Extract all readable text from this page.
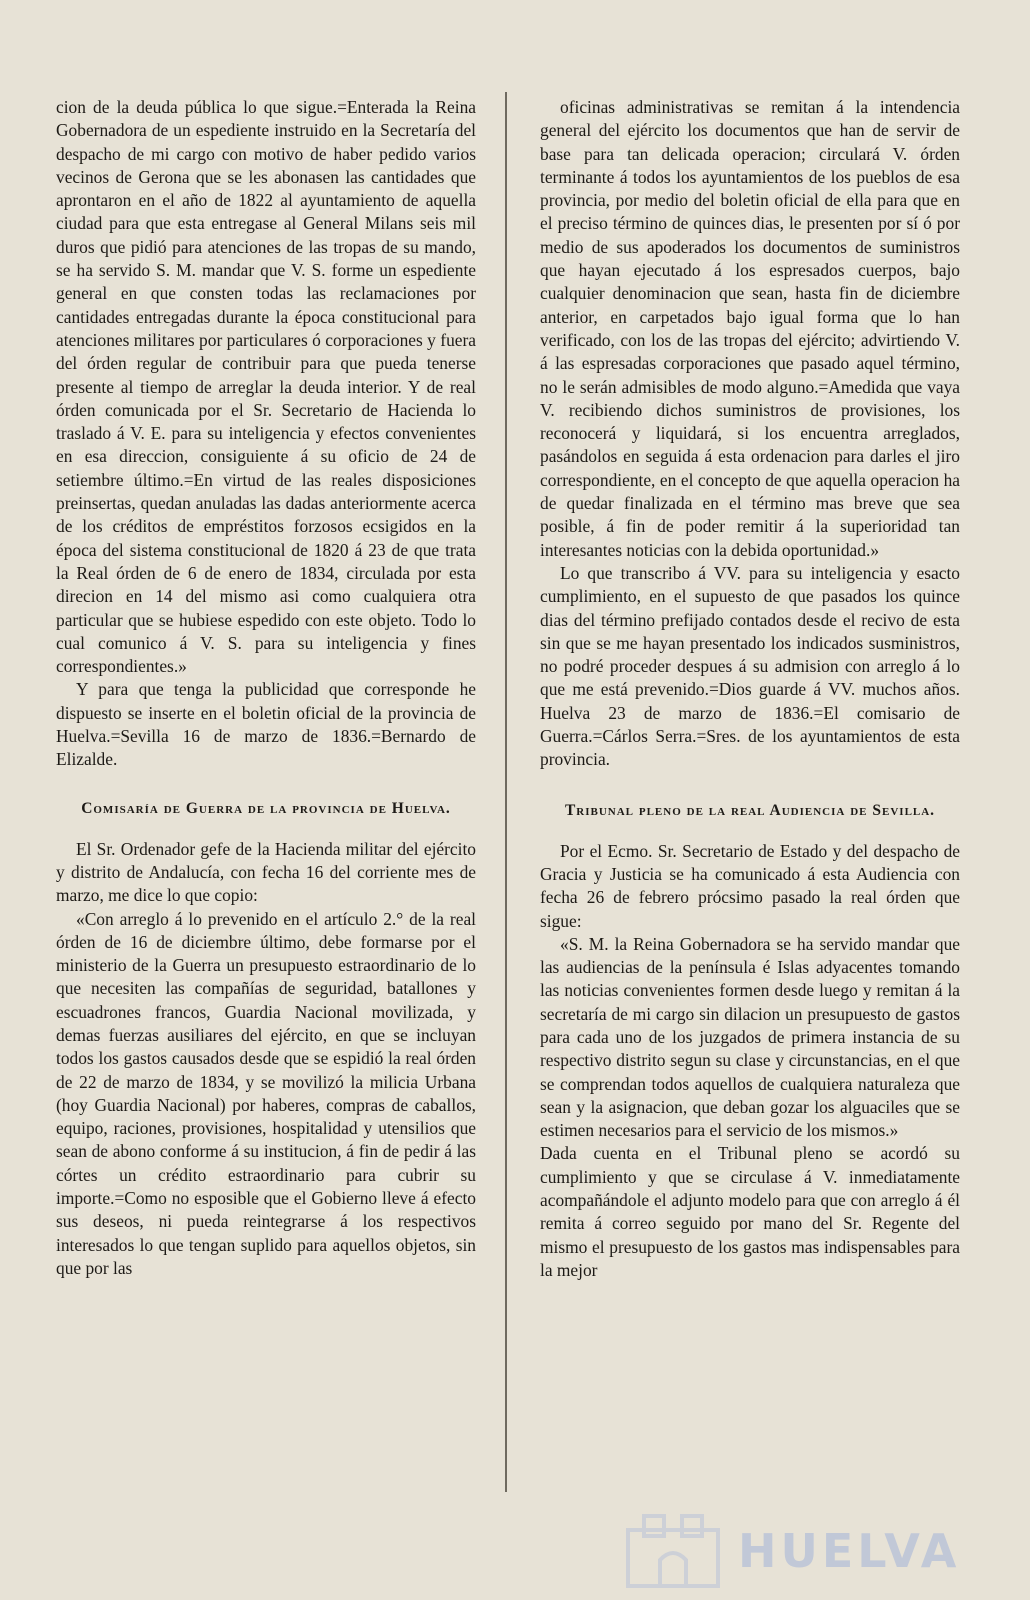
cion de la deuda pública lo que sigue.=Enterada la Reina Gobernadora de un espediente instruido en la Secretaría del despacho de mi cargo con motivo de haber pedido varios vecinos de Gerona que se les abonasen las cantidades que aprontaron en el año de 1822 al ayuntamiento de aquella ciudad para que esta entregase al General Milans seis mil duros que pidió para atenciones de las tropas de su mando, se ha servido S. M. mandar que V. S. forme un espediente general en que consten todas las reclamaciones por cantidades entregadas durante la época constitucional para atenciones militares por particulares ó corporaciones y fuera del órden regular de contribuir para que pueda tenerse presente al tiempo de arreglar la deuda interior. Y de real órden comunicada por el Sr. Secretario de Hacienda lo traslado á V. E. para su inteligencia y efectos convenientes en esa direccion, consiguiente á su oficio de 24 de setiembre último.=En virtud de las reales disposiciones preinsertas, quedan anuladas las dadas anteriormente acerca de los créditos de empréstitos forzosos ecsigidos en la época del sistema constitucional de 1820 á 23 de que trata la Real órden de 6 de enero de 1834, circulada por esta direcion en 14 del mismo asi como cualquiera otra particular que se hubiese espedido con este objeto. Todo lo cual comunico á V. S. para su inteligencia y fines correspondientes.»

Y para que tenga la publicidad que corresponde he dispuesto se inserte en el boletin oficial de la provincia de Huelva.=Sevilla 16 de marzo de 1836.=Bernardo de Elizalde.

Comisaría de Guerra de la provincia de Huelva.

El Sr. Ordenador gefe de la Hacienda militar del ejército y distrito de Andalucía, con fecha 16 del corriente mes de marzo, me dice lo que copio:

«Con arreglo á lo prevenido en el artículo 2.° de la real órden de 16 de diciembre último, debe formarse por el ministerio de la Guerra un presupuesto estraordinario de lo que necesiten las compañías de seguridad, batallones y escuadrones francos, Guardia Nacional movilizada, y demas fuerzas ausiliares del ejército, en que se incluyan todos los gastos causados desde que se espidió la real órden de 22 de marzo de 1834, y se movilizó la milicia Urbana (hoy Guardia Nacional) por haberes, compras de caballos, equipo, raciones, provisiones, hospitalidad y utensilios que sean de abono conforme á su institucion, á fin de pedir á las córtes un crédito estraordinario para cubrir su importe.=Como no esposible que el Gobierno lleve á efecto sus deseos, ni pueda reintegrarse á los respectivos interesados lo que tengan suplido para aquellos objetos, sin que por las

oficinas administrativas se remitan á la intendencia general del ejército los documentos que han de servir de base para tan delicada operacion; circulará V. órden terminante á todos los ayuntamientos de los pueblos de esa provincia, por medio del boletin oficial de ella para que en el preciso término de quinces dias, le presenten por sí ó por medio de sus apoderados los documentos de suministros que hayan ejecutado á los espresados cuerpos, bajo cualquier denominacion que sean, hasta fin de diciembre anterior, en carpetados bajo igual forma que lo han verificado, con los de las tropas del ejército; advirtiendo V. á las espresadas corporaciones que pasado aquel término, no le serán admisibles de modo alguno.=Amedida que vaya V. recibiendo dichos suministros de provisiones, los reconocerá y liquidará, si los encuentra arreglados, pasándolos en seguida á esta ordenacion para darles el jiro correspondiente, en el concepto de que aquella operacion ha de quedar finalizada en el término mas breve que sea posible, á fin de poder remitir á la superioridad tan interesantes noticias con la debida oportunidad.»

Lo que transcribo á VV. para su inteligencia y esacto cumplimiento, en el supuesto de que pasados los quince dias del término prefijado contados desde el recivo de esta sin que se me hayan presentado los indicados susministros, no podré proceder despues á su admision con arreglo á lo que me está prevenido.=Dios guarde á VV. muchos años. Huelva 23 de marzo de 1836.=El comisario de Guerra.=Cárlos Serra.=Sres. de los ayuntamientos de esta provincia.

Tribunal pleno de la real Audiencia de Sevilla.

Por el Ecmo. Sr. Secretario de Estado y del despacho de Gracia y Justicia se ha comunicado á esta Audiencia con fecha 26 de febrero prócsimo pasado la real órden que sigue:

«S. M. la Reina Gobernadora se ha servido mandar que las audiencias de la península é Islas adyacentes tomando las noticias convenientes formen desde luego y remitan á la secretaría de mi cargo sin dilacion un presupuesto de gastos para cada uno de los juzgados de primera instancia de su respectivo distrito segun su clase y circunstancias, en el que se comprendan todos aquellos de cualquiera naturaleza que sean y la asignacion, que deban gozar los alguaciles que se estimen necesarios para el servicio de los mismos.»

Dada cuenta en el Tribunal pleno se acordó su cumplimiento y que se circulase á V. inmediatamente acompañándole el adjunto modelo para que con arreglo á él remita á correo seguido por mano del Sr. Regente del mismo el presupuesto de los gastos mas indispensables para la mejor

HUELVA
